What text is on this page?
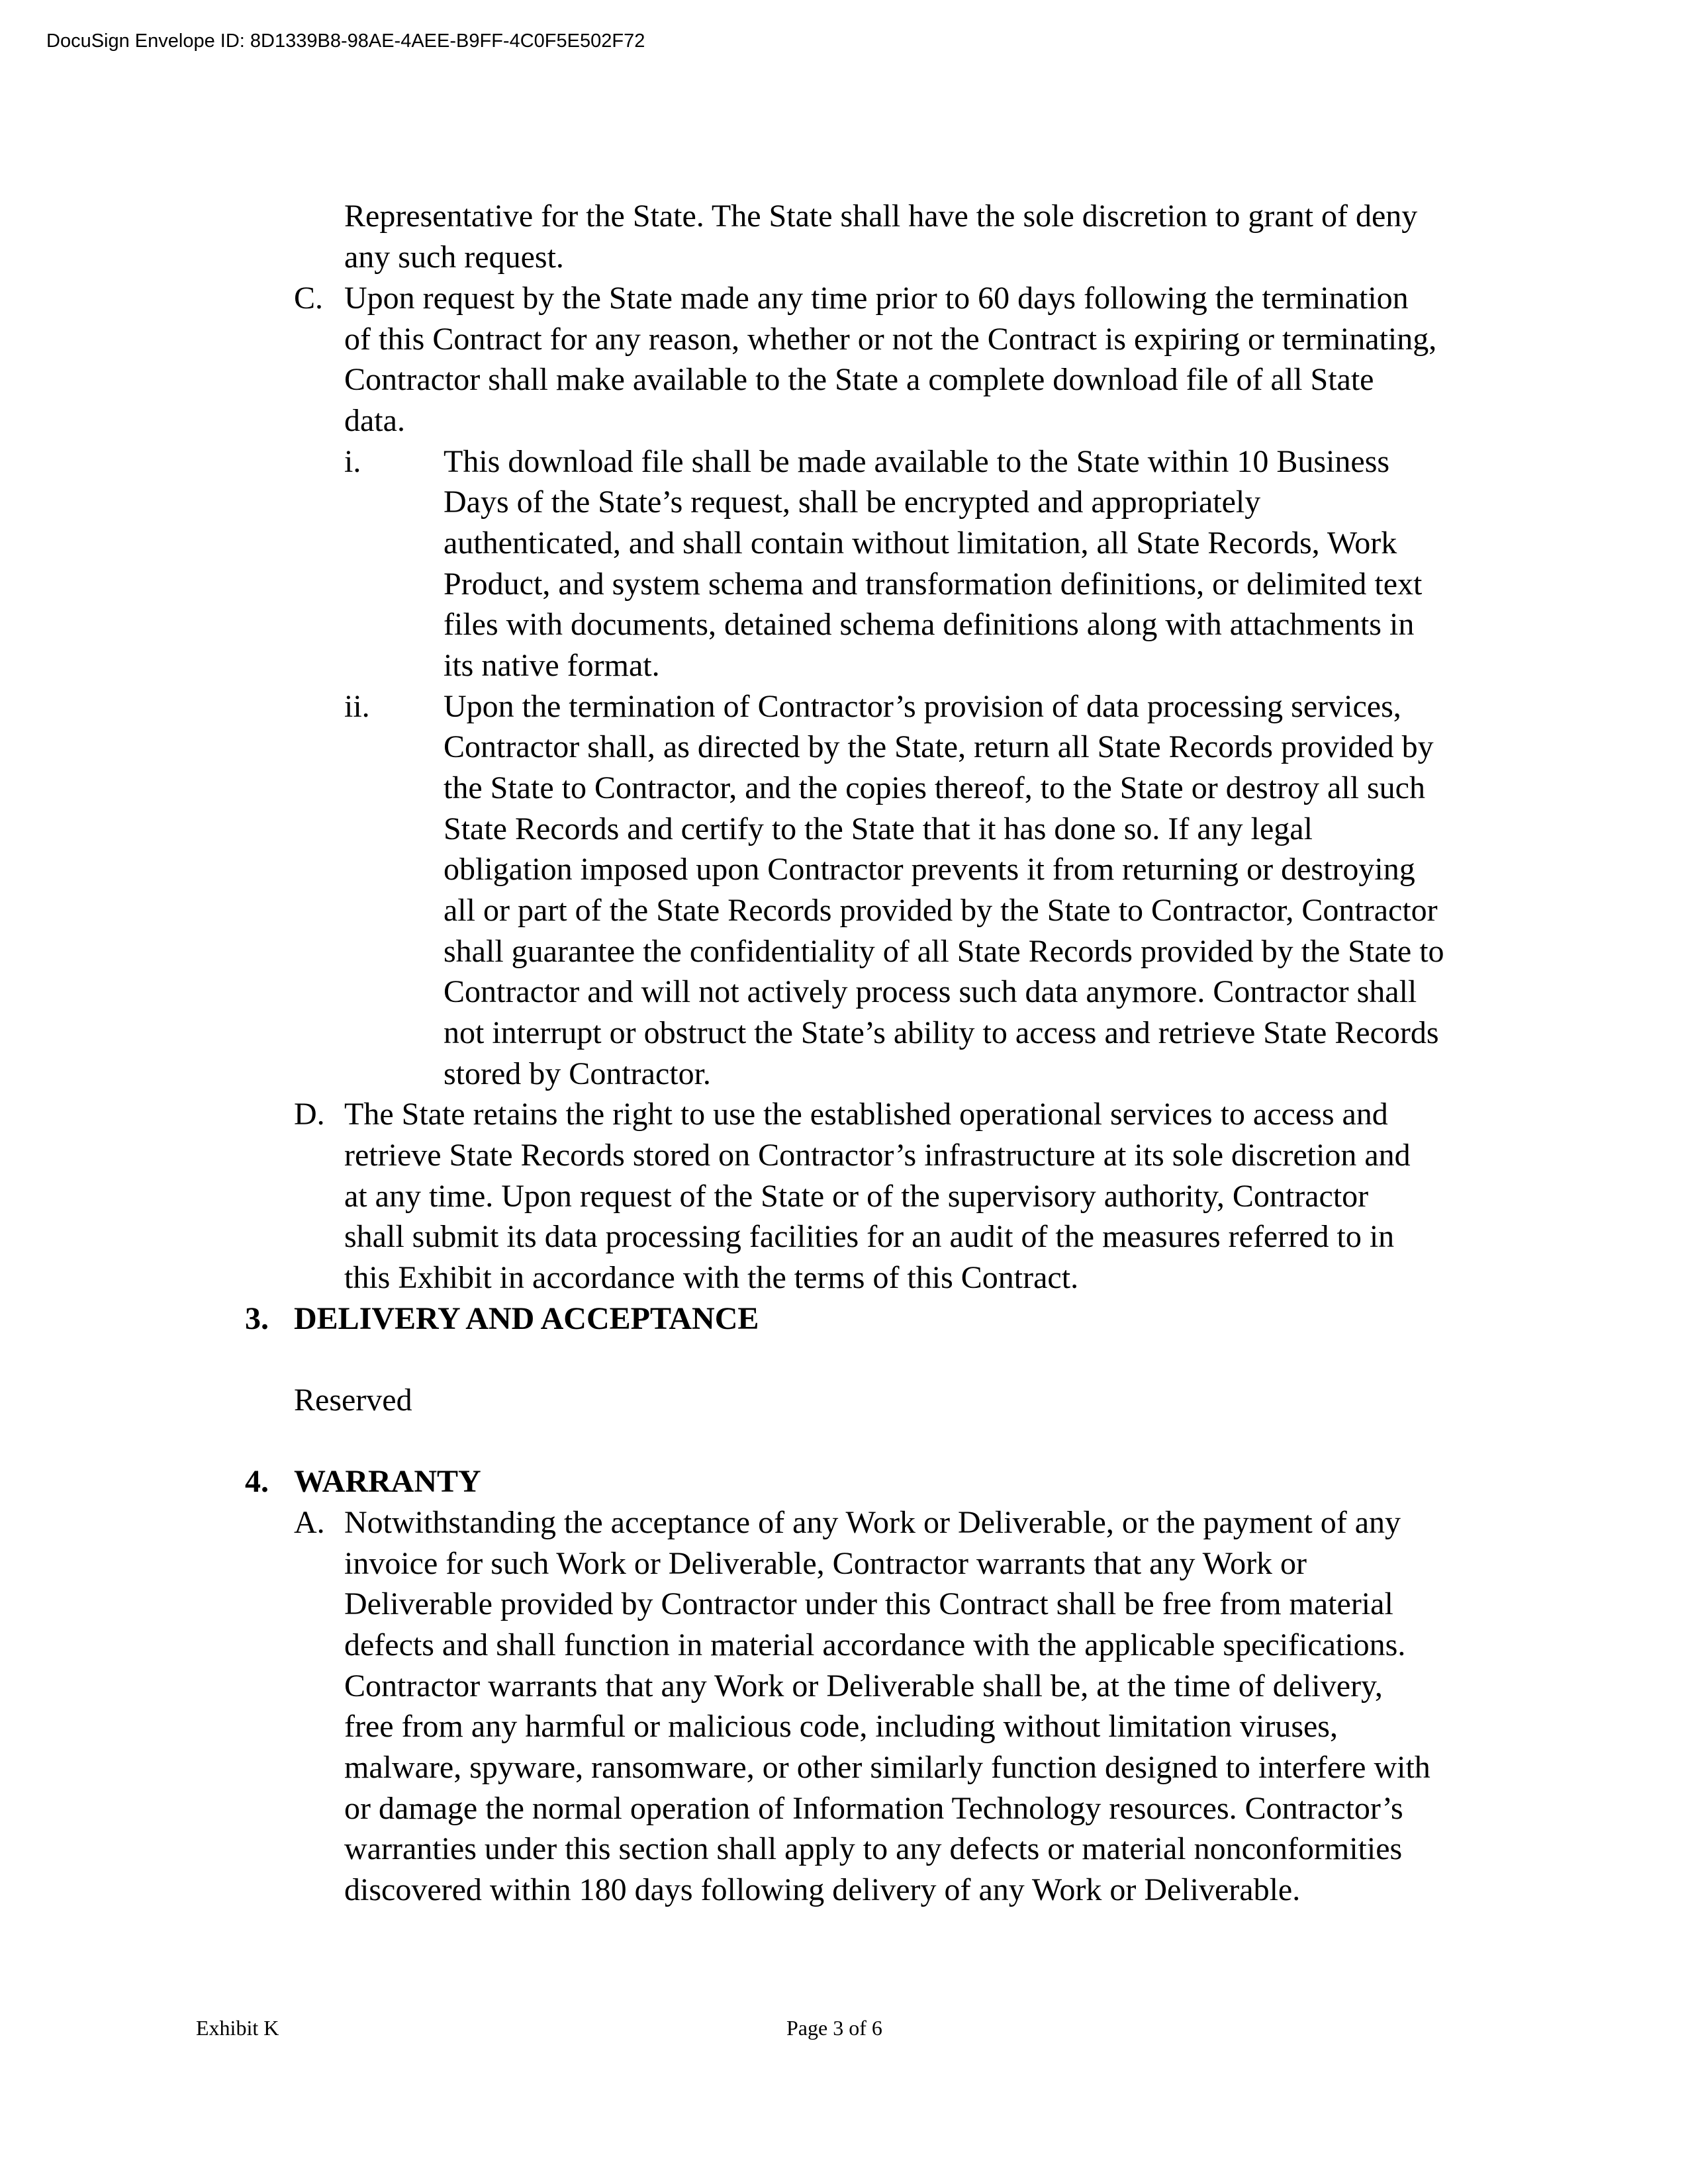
DocuSign Envelope ID: 8D1339B8-98AE-4AEE-B9FF-4C0F5E502F72
Representative for the State. The State shall have the sole discretion to grant of deny
any such request.
C. Upon request by the State made any time prior to 60 days following the termination
of this Contract for any reason, whether or not the Contract is expiring or terminating,
Contractor shall make available to the State a complete download file of all State
data.
i.	This download file shall be made available to the State within 10 Business
Days of the State’s request, shall be encrypted and appropriately
authenticated, and shall contain without limitation, all State Records, Work
Product, and system schema and transformation definitions, or delimited text
files with documents, detained schema definitions along with attachments in
its native format.
ii. Upon the termination of Contractor’s provision of data processing services,
Contractor shall, as directed by the State, return all State Records provided by
the State to Contractor, and the copies thereof, to the State or destroy all such
State Records and certify to the State that it has done so. If any legal
obligation imposed upon Contractor prevents it from returning or destroying
all or part of the State Records provided by the State to Contractor, Contractor
shall guarantee the confidentiality of all State Records provided by the State to
Contractor and will not actively process such data anymore. Contractor shall
not interrupt or obstruct the State’s ability to access and retrieve State Records
stored by Contractor.
D. The State retains the right to use the established operational services to access and
retrieve State Records stored on Contractor’s infrastructure at its sole discretion and
at any time. Upon request of the State or of the supervisory authority, Contractor
shall submit its data processing facilities for an audit of the measures referred to in
this Exhibit in accordance with the terms of this Contract.
3. DELIVERY AND ACCEPTANCE
Reserved
4. WARRANTY
A. Notwithstanding the acceptance of any Work or Deliverable, or the payment of any
invoice for such Work or Deliverable, Contractor warrants that any Work or
Deliverable provided by Contractor under this Contract shall be free from material
defects and shall function in material accordance with the applicable specifications.
Contractor warrants that any Work or Deliverable shall be, at the time of delivery,
free from any harmful or malicious code, including without limitation viruses,
malware, spyware, ransomware, or other similarly function designed to interfere with
or damage the normal operation of Information Technology resources. Contractor’s
warranties under this section shall apply to any defects or material nonconformities
discovered within 180 days following delivery of any Work or Deliverable.
Exhibit K	Page 3 of 6
